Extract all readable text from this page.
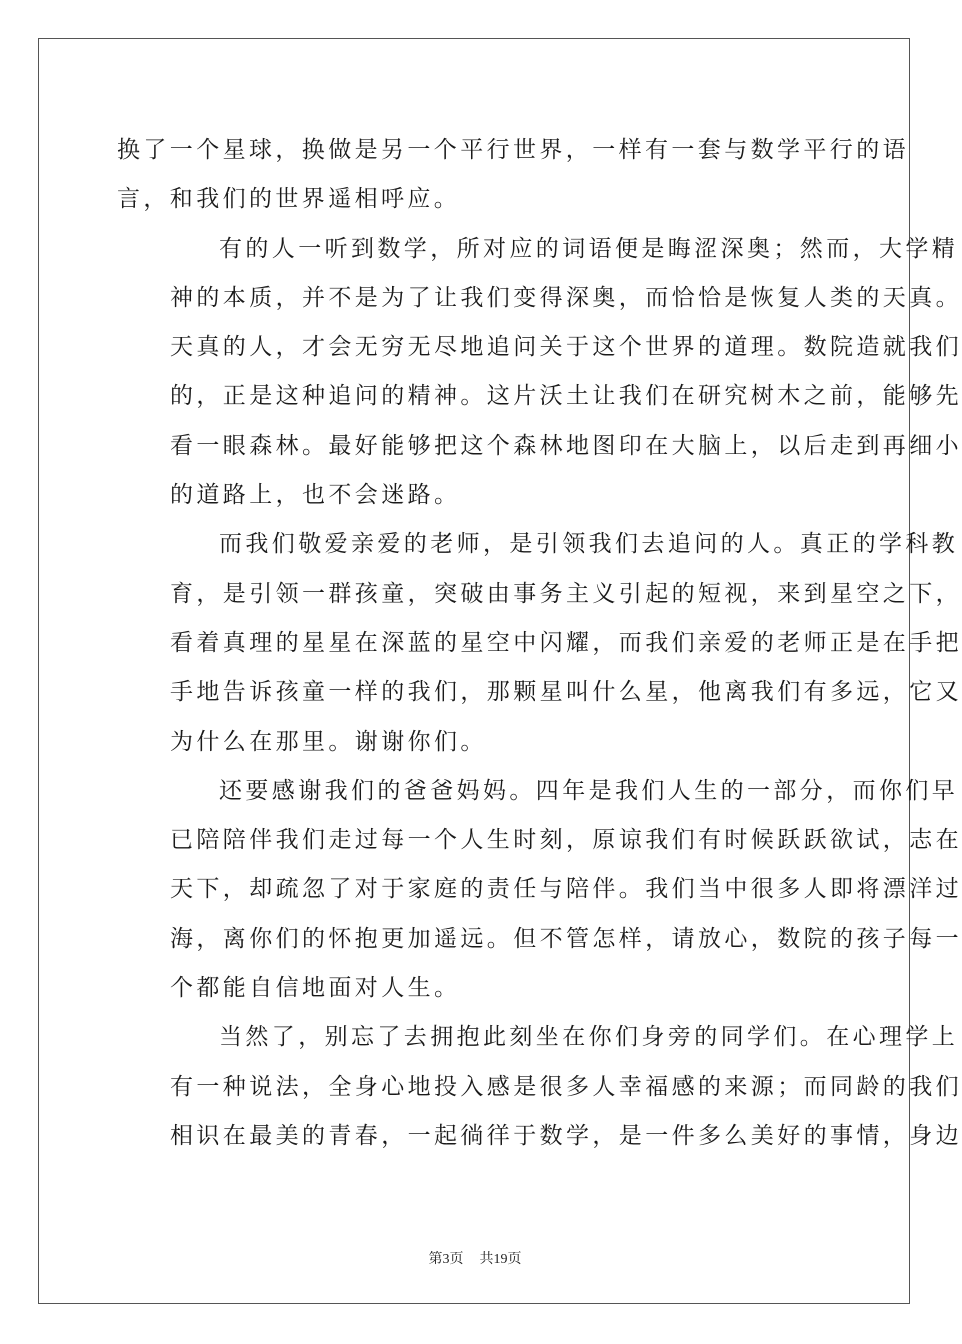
换了一个星球，换做是另一个平行世界，一样有一套与数学平行的语
言，和我们的世界遥相呼应。
有的人一听到数学，所对应的词语便是晦涩深奥；然而，大学精
神的本质，并不是为了让我们变得深奥，而恰恰是恢复人类的天真。
天真的人，才会无穷无尽地追问关于这个世界的道理。数院造就我们
的，正是这种追问的精神。这片沃土让我们在研究树木之前，能够先
看一眼森林。最好能够把这个森林地图印在大脑上，以后走到再细小
的道路上，也不会迷路。
而我们敬爱亲爱的老师，是引领我们去追问的人。真正的学科教
育，是引领一群孩童，突破由事务主义引起的短视，来到星空之下，
看着真理的星星在深蓝的星空中闪耀，而我们亲爱的老师正是在手把
手地告诉孩童一样的我们，那颗星叫什么星，他离我们有多远，它又
为什么在那里。谢谢你们。
还要感谢我们的爸爸妈妈。四年是我们人生的一部分，而你们早
已陪陪伴我们走过每一个人生时刻，原谅我们有时候跃跃欲试，志在
天下，却疏忽了对于家庭的责任与陪伴。我们当中很多人即将漂洋过
海，离你们的怀抱更加遥远。但不管怎样，请放心，数院的孩子每一
个都能自信地面对人生。
当然了，别忘了去拥抱此刻坐在你们身旁的同学们。在心理学上
有一种说法，全身心地投入感是很多人幸福感的来源；而同龄的我们
相识在最美的青春，一起徜徉于数学，是一件多么美好的事情，身边
第3页 共19页
